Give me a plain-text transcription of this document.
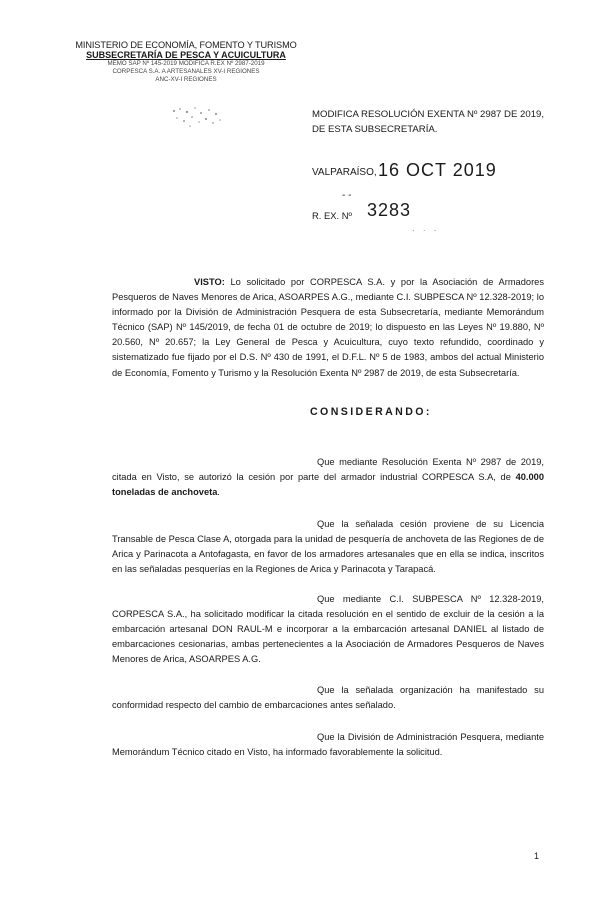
MINISTERIO DE ECONOMÍA, FOMENTO Y TURISMO
SUBSECRETARÍA DE PESCA Y ACUICULTURA
MEMO SAP Nº 145-2019 MODIFICA R.EX Nº 2987-2019
CORPESCA S.A. A ARTESANALES XV-I REGIONES
ANC-XV-I REGIONES
MODIFICA RESOLUCIÓN EXENTA Nº 2987 DE 2019, DE ESTA SUBSECRETARÍA.
VALPARAÍSO, 16 OCT 2019
- -
R. EX. Nº 3283
· · ·

VISTO: Lo solicitado por CORPESCA S.A. y por la Asociación de Armadores Pesqueros de Naves Menores de Arica, ASOARPES A.G., mediante C.I. SUBPESCA Nº 12.328-2019; lo informado por la División de Administración Pesquera de esta Subsecretaría, mediante Memorándum Técnico (SAP) Nº 145/2019, de fecha 01 de octubre de 2019; lo dispuesto en las Leyes Nº 19.880, Nº 20.560, Nº 20.657; la Ley General de Pesca y Acuicultura, cuyo texto refundido, coordinado y sistematizado fue fijado por el D.S. Nº 430 de 1991, el D.F.L. Nº 5 de 1983, ambos del actual Ministerio de Economía, Fomento y Turismo y la Resolución Exenta Nº 2987 de 2019, de esta Subsecretaría.

CONSIDERANDO:

Que mediante Resolución Exenta Nº 2987 de 2019, citada en Visto, se autorizó la cesión por parte del armador industrial CORPESCA S.A, de 40.000 toneladas de anchoveta.

Que la señalada cesión proviene de su Licencia Transable de Pesca Clase A, otorgada para la unidad de pesquería de anchoveta de las Regiones de de Arica y Parinacota a Antofagasta, en favor de los armadores artesanales que en ella se indica, inscritos en las señaladas pesquerías en la Regiones de Arica y Parinacota y Tarapacá.

Que mediante C.I. SUBPESCA Nº 12.328-2019, CORPESCA S.A., ha solicitado modificar la citada resolución en el sentido de excluir de la cesión a la embarcación artesanal DON RAUL-M e incorporar a la embarcación artesanal DANIEL al listado de embarcaciones cesionarias, ambas pertenecientes a la Asociación de Armadores Pesqueros de Naves Menores de Arica, ASOARPES A.G.

Que la señalada organización ha manifestado su conformidad respecto del cambio de embarcaciones antes señalado.

Que la División de Administración Pesquera, mediante Memorándum Técnico citado en Visto, ha informado favorablemente la solicitud.

1
